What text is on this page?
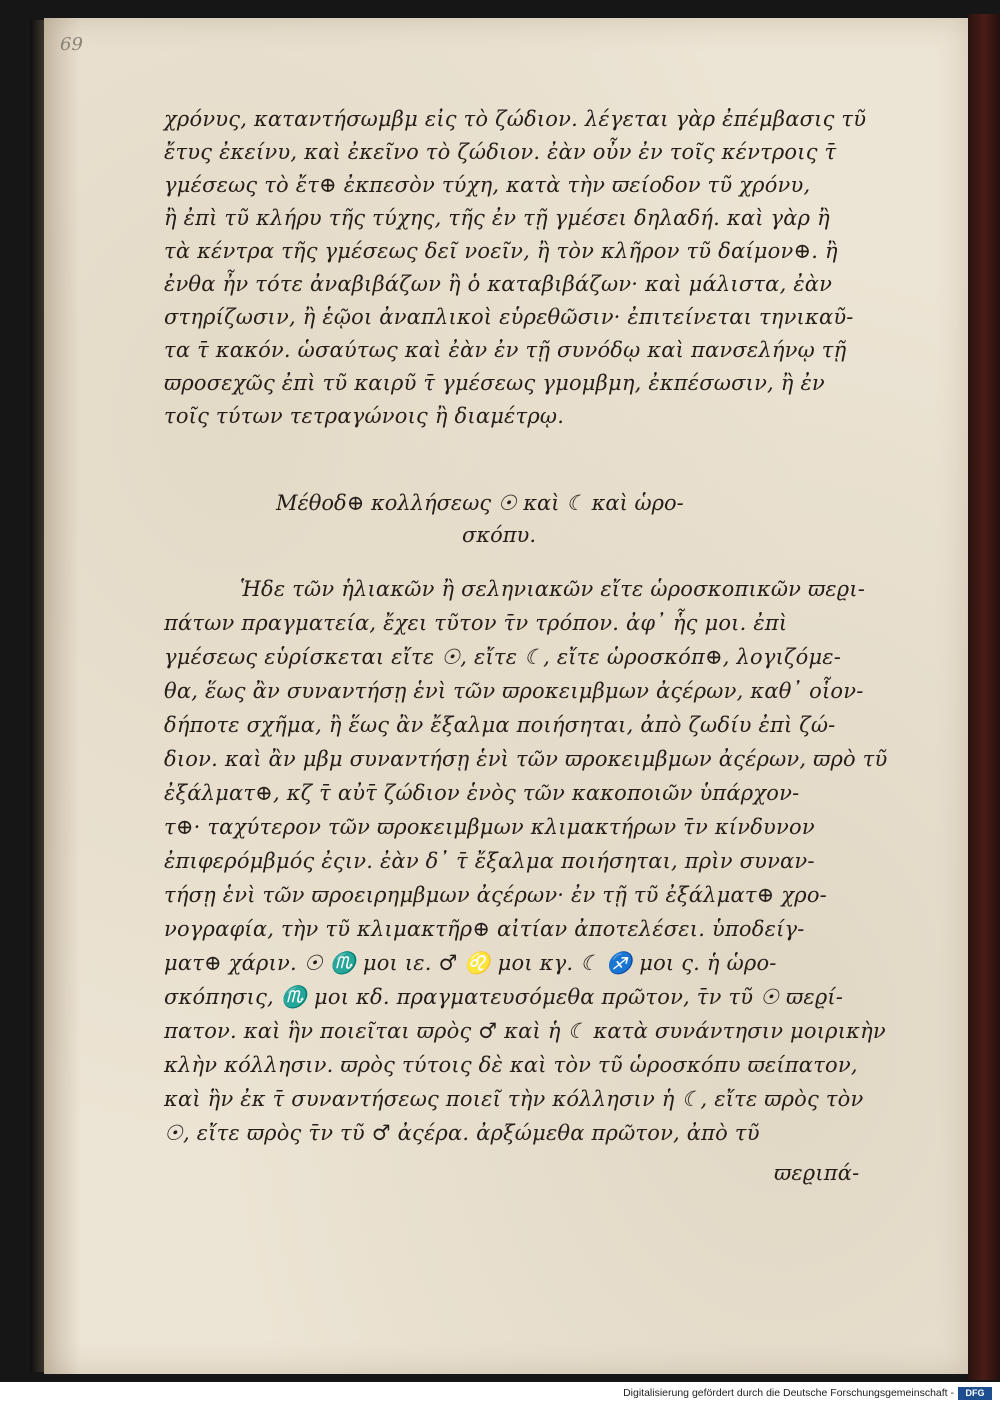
69

χρόνυς, καταντήσωμβμ εἰς τὸ ζώδιον. λέγεται γὰρ ἐπέμβασις τῦ

ἔτυς ἐκείνυ, καὶ ἐκεῖνο τὸ ζώδιον. ἐὰν οὖν ἐν τοῖς κέντροις τ̄

γμέσεως τὸ ἔτ⊕ ἐκπεσὸν τύχη, κατὰ τὴν ϖείοδον τῦ χρόνυ,

ἢ ἐπὶ τῦ κλήρυ τῆς τύχης, τῆς ἐν τῇ γμέσει δηλαδή. καὶ γὰρ ἢ

τὰ κέντρα τῆς γμέσεως δεῖ νοεῖν, ἢ τὸν κλῆρον τῦ δαίμον⊕. ἢ

ἐνθα ἦν τότε ἀναβιβάζων ἢ ὁ καταβιβάζων· καὶ μάλιστα, ἐὰν

στηρίζωσιν, ἢ ἑῷοι ἀναπλικοὶ εὑρεθῶσιν· ἐπιτείνεται τηνικαῦ-

τα τ̄ κακόν. ὡσαύτως καὶ ἐὰν ἐν τῇ συνόδῳ καὶ πανσελήνῳ τῇ

ϖροσεχῶς ἐπὶ τῦ καιρῦ τ̄ γμέσεως γμομβμη, ἐκπέσωσιν, ἢ ἐν

τοῖς τύτων τετραγώνοις ἢ διαμέτρῳ.

Μέθοδ⊕ κολλήσεως ☉ καὶ ☾ καὶ ὡρο-

σκόπυ.

Ἡδε τῶν ἡλιακῶν ἢ σεληνιακῶν εἴτε ὡροσκοπικῶν ϖεϱι-

πάτων πραγματεία, ἔχει τῦτον τ̄ν τρόπον. ἀφ᾽ ἧς μοι. ἐπὶ

γμέσεως εὑρίσκεται εἴτε ☉, εἴτε ☾, εἴτε ὡροσκόπ⊕, λογιζόμε-

θα, ἕως ἂν συναντήσῃ ἑνὶ τῶν ϖροκειμβμων ἀςέρων, καθ᾽ οἷον-

δήποτε σχῆμα, ἢ ἕως ἂν ἔξαλμα ποιήσηται, ἀπὸ ζωδίυ ἐπὶ ζώ-

διον. καὶ ἂν μβμ συναντήσῃ ἑνὶ τῶν ϖροκειμβμων ἀςέρων, ϖρὸ τῦ

ἐξάλματ⊕, κζ τ̄ αὐτ̄ ζώδιον ἑνὸς τῶν κακοποιῶν ὑπάρχον-

τ⊕· ταχύτερον τῶν ϖροκειμβμων κλιμακτήρων τ̄ν κίνδυνον

ἐπιφερόμβμός ἐςιν. ἐὰν δ᾽ τ̄ ἔξαλμα ποιήσηται, πρὶν συναν-

τήσῃ ἑνὶ τῶν ϖροειρημβμων ἀςέρων· ἐν τῇ τῦ ἐξάλματ⊕ χρο-

νογραφία, τὴν τῦ κλιμακτῆρ⊕ αἰτίαν ἀποτελέσει. ὑποδείγ-

ματ⊕ χάριν. ☉ ♏ μοι ιε. ♂ ♌ μοι κγ. ☾ ♐ μοι ς. ἡ ὡρο-

σκόπησις, ♏ μοι κδ. πραγματευσόμεθα πρῶτον, τ̄ν τῦ ☉ ϖεϱί-

πατον. καὶ ἣν ποιεῖται ϖρὸς ♂ καὶ ἡ ☾ κατὰ συνάντησιν μοιρικὴν

κλὴν κόλλησιν. ϖρὸς τύτοις δὲ καὶ τὸν τῦ ὡροσκόπυ ϖείπατον,

καὶ ἣν ἐκ τ̄ συναντήσεως ποιεῖ τὴν κόλλησιν ἡ ☾, εἴτε ϖρὸς τὸν

☉, εἴτε ϖρὸς τ̄ν τῦ ♂ ἀςέρα. ἀρξώμεθα πρῶτον, ἀπὸ τῦ

ϖεϱιπά-

Digitalisierung gefördert durch die Deutsche Forschungsgemeinschaft -	DFG
